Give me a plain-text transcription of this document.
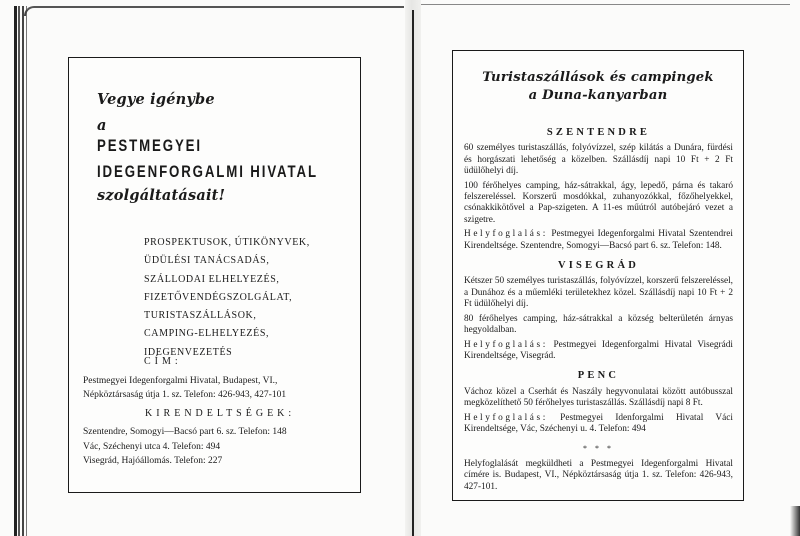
Vegye igénybe
a
PESTMEGYEI
IDEGENFORGALMI HIVATAL
szolgáltatásait!
PROSPEKTUSOK, ÚTIKÖNYVEK,
ÜDÜLÉSI TANÁCSADÁS,
SZÁLLODAI ELHELYEZÉS,
FIZETŐVENDÉGSZOLGÁLAT,
TURISTASZÁLLÁSOK,
CAMPING-ELHELYEZÉS,
IDEGENVEZETÉS
CÍM:
Pestmegyei Idegenforgalmi Hivatal, Budapest, VI.,
Népköztársaság útja 1. sz. Telefon: 426-943, 427-101
KIRENDELTSÉGEK:
Szentendre, Somogyi—Bacsó part 6. sz. Telefon: 148
Vác, Széchenyi utca 4. Telefon: 494
Visegrád, Hajóállomás. Telefon: 227
Turistaszállások és campingek
a Duna-kanyarban
SZENTENDRE

60 személyes turistaszállás, folyóvízzel, szép kilátás a Dunára, fürdési és horgászati lehetőség a közelben. Szállásdíj napi 10 Ft + 2 Ft üdülőhelyi díj.

100 férőhelyes camping, ház-sátrakkal, ágy, lepedő, párna és takaró felszereléssel. Korszerű mosdókkal, zuhanyozókkal, főzőhelyekkel, csónakkikötővel a Pap-szigeten. A 11-es műútról autóbejáró vezet a szigetre.

Helyfoglalás: Pestmegyei Idegenforgalmi Hivatal Szentendrei Kirendeltsége. Szentendre, Somogyi—Bacsó part 6. sz. Telefon: 148.

VISEGRÁD

Kétszer 50 személyes turistaszállás, folyóvízzel, korszerű felszereléssel, a Dunához és a műemléki területekhez közel. Szállásdíj napi 10 Ft + 2 Ft üdülőhelyi díj.

80 férőhelyes camping, ház-sátrakkal a község belterületén árnyas hegyoldalban.

Helyfoglalás: Pestmegyei Idegenforgalmi Hivatal Visegrádi Kirendeltsége, Visegrád.

PENC

Váchoz közel a Cserhát és Naszály hegyvonulatai között autóbusszal megközelíthető 50 férőhelyes turistaszállás. Szállásdíj napi 8 Ft.

Helyfoglalás: Pestmegyei Idenforgalmi Hivatal Váci Kirendeltsége, Vác, Széchenyi u. 4. Telefon: 494

* * *

Helyfoglalását megküldheti a Pestmegyei Idegenforgalmi Hivatal címére is. Budapest, VI., Népköztársaság útja 1. sz. Telefon: 426-943, 427-101.
